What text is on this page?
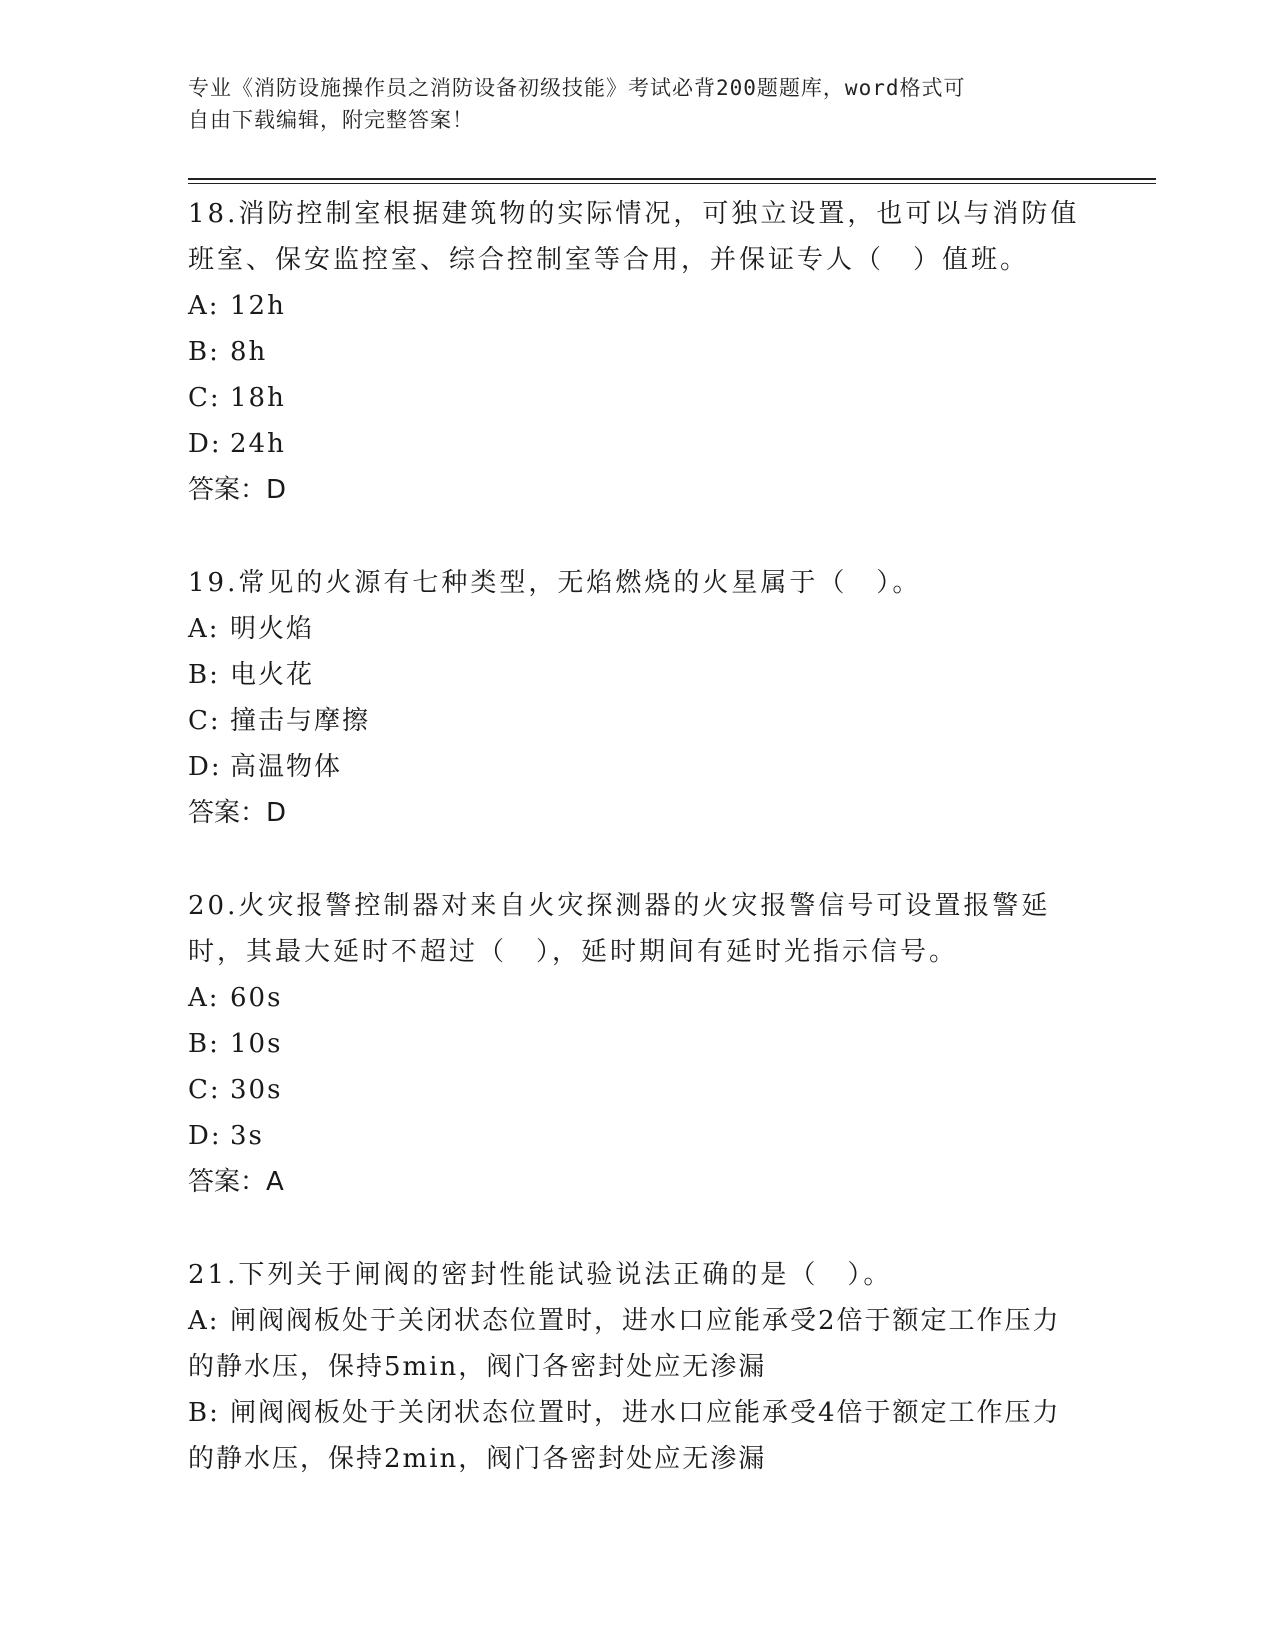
专业《消防设施操作员之消防设备初级技能》考试必背200题题库，word格式可
自由下载编辑，附完整答案！

18.消防控制室根据建筑物的实际情况，可独立设置，也可以与消防值班室、保安监控室、综合控制室等合用，并保证专人（　）值班。

A: 12h

B: 8h

C: 18h

D: 24h

答案：D

19.常见的火源有七种类型，无焰燃烧的火星属于（　）。

A: 明火焰

B: 电火花

C: 撞击与摩擦

D: 高温物体

答案：D

20.火灾报警控制器对来自火灾探测器的火灾报警信号可设置报警延时，其最大延时不超过（　），延时期间有延时光指示信号。

A: 60s

B: 10s

C: 30s

D: 3s

答案：A

21.下列关于闸阀的密封性能试验说法正确的是（　）。

A: 闸阀阀板处于关闭状态位置时，进水口应能承受2倍于额定工作压力的静水压，保持5min，阀门各密封处应无渗漏

B: 闸阀阀板处于关闭状态位置时，进水口应能承受4倍于额定工作压力的静水压，保持2min，阀门各密封处应无渗漏
